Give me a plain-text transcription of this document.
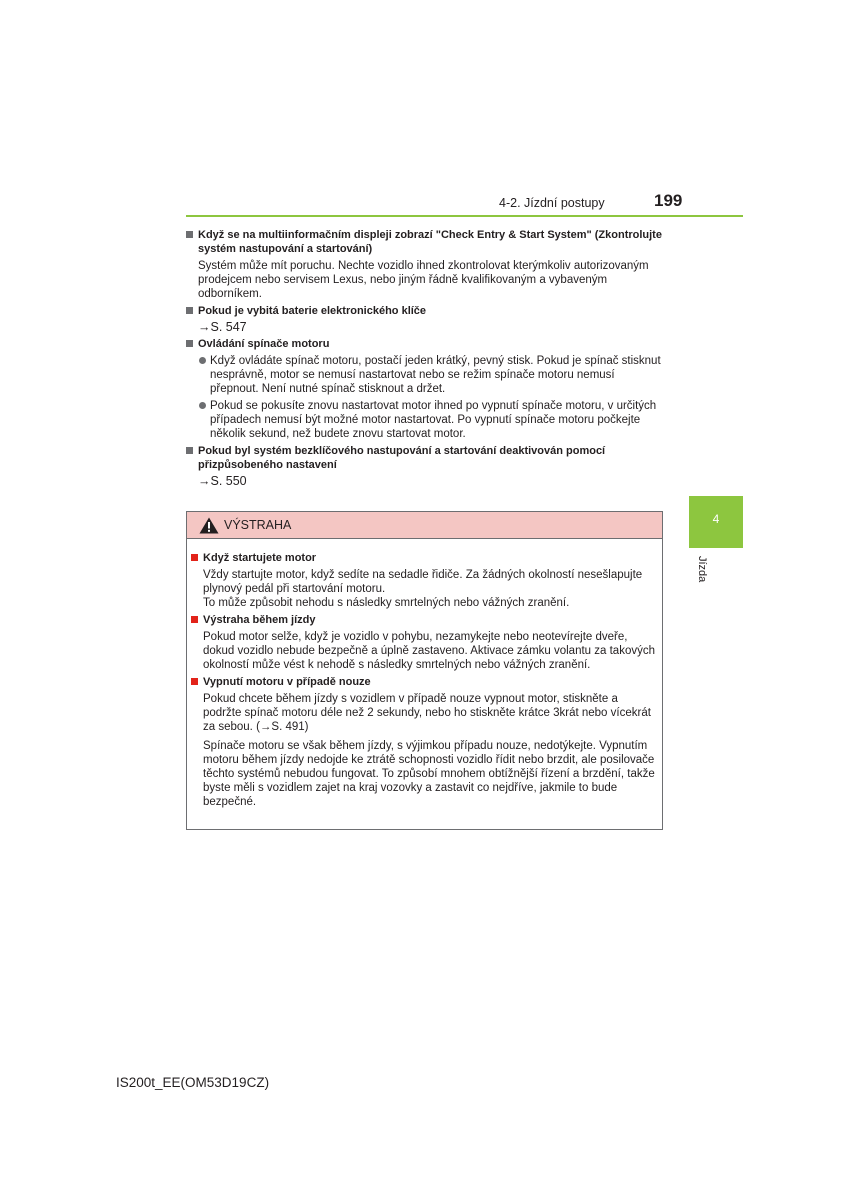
4-2. Jízdní postupy	199
4
Jízda
Když se na multiinformačním displeji zobrazí "Check Entry & Start System" (Zkontrolujte systém nastupování a startování)
Systém může mít poruchu. Nechte vozidlo ihned zkontrolovat kterýmkoliv autorizovaným prodejcem nebo servisem Lexus, nebo jiným řádně kvalifikovaným a vybaveným odborníkem.
Pokud je vybitá baterie elektronického klíče
→S. 547
Ovládání spínače motoru
Když ovládáte spínač motoru, postačí jeden krátký, pevný stisk. Pokud je spínač stisknut nesprávně, motor se nemusí nastartovat nebo se režim spínače motoru nemusí přepnout. Není nutné spínač stisknout a držet.
Pokud se pokusíte znovu nastartovat motor ihned po vypnutí spínače motoru, v určitých případech nemusí být možné motor nastartovat. Po vypnutí spínače motoru počkejte několik sekund, než budete znovu startovat motor.
Pokud byl systém bezklíčového nastupování a startování deaktivován pomocí přizpůsobeného nastavení
→S. 550
VÝSTRAHA
Když startujete motor
Vždy startujte motor, když sedíte na sedadle řidiče. Za žádných okolností nesešlapujte plynový pedál při startování motoru.
To může způsobit nehodu s následky smrtelných nebo vážných zranění.
Výstraha během jízdy
Pokud motor selže, když je vozidlo v pohybu, nezamykejte nebo neotevírejte dveře, dokud vozidlo nebude bezpečně a úplně zastaveno. Aktivace zámku volantu za takových okolností může vést k nehodě s následky smrtelných nebo vážných zranění.
Vypnutí motoru v případě nouze
Pokud chcete během jízdy s vozidlem v případě nouze vypnout motor, stiskněte a podržte spínač motoru déle než 2 sekundy, nebo ho stiskněte krátce 3krát nebo vícekrát za sebou. (→S. 491)
Spínače motoru se však během jízdy, s výjimkou případu nouze, nedotýkejte. Vypnutím motoru během jízdy nedojde ke ztrátě schopnosti vozidlo řídit nebo brzdit, ale posilovače těchto systémů nebudou fungovat. To způsobí mnohem obtížnější řízení a brzdění, takže byste měli s vozidlem zajet na kraj vozovky a zastavit co nejdříve, jakmile to bude bezpečné.
IS200t_EE(OM53D19CZ)
